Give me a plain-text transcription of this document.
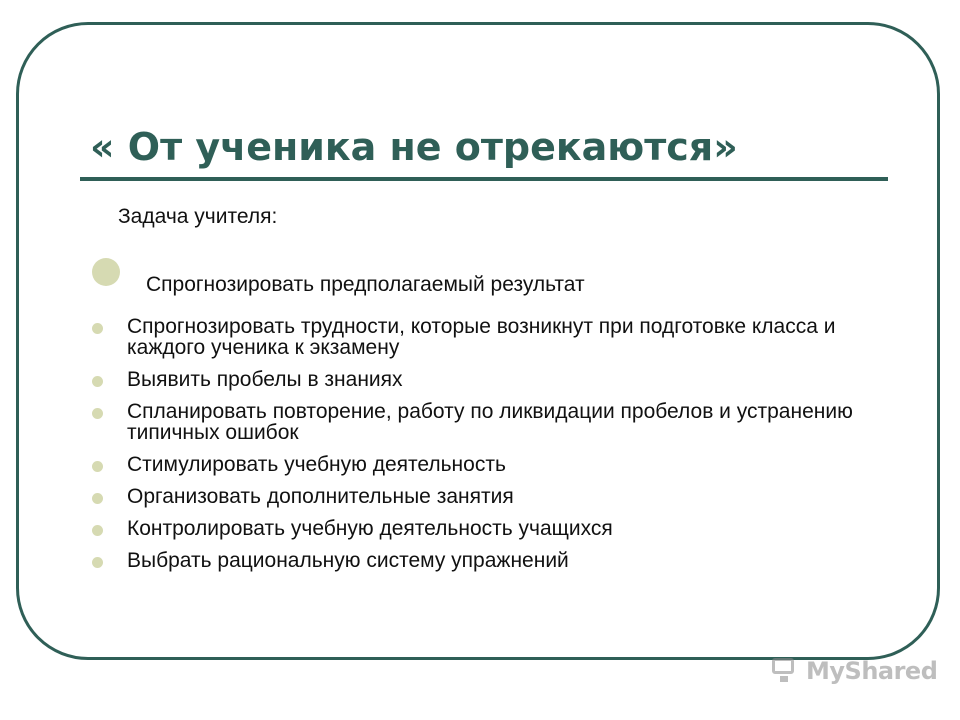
« От ученика не отрекаются»
Задача учителя:
Спрогнозировать предполагаемый результат
Спрогнозировать трудности, которые возникнут при подготовке класса и каждого ученика к экзамену
Выявить пробелы в знаниях
Спланировать повторение, работу по ликвидации пробелов и устранению типичных ошибок
Стимулировать учебную деятельность
Организовать дополнительные занятия
Контролировать учебную деятельность учащихся
Выбрать рациональную систему упражнений
MyShared
